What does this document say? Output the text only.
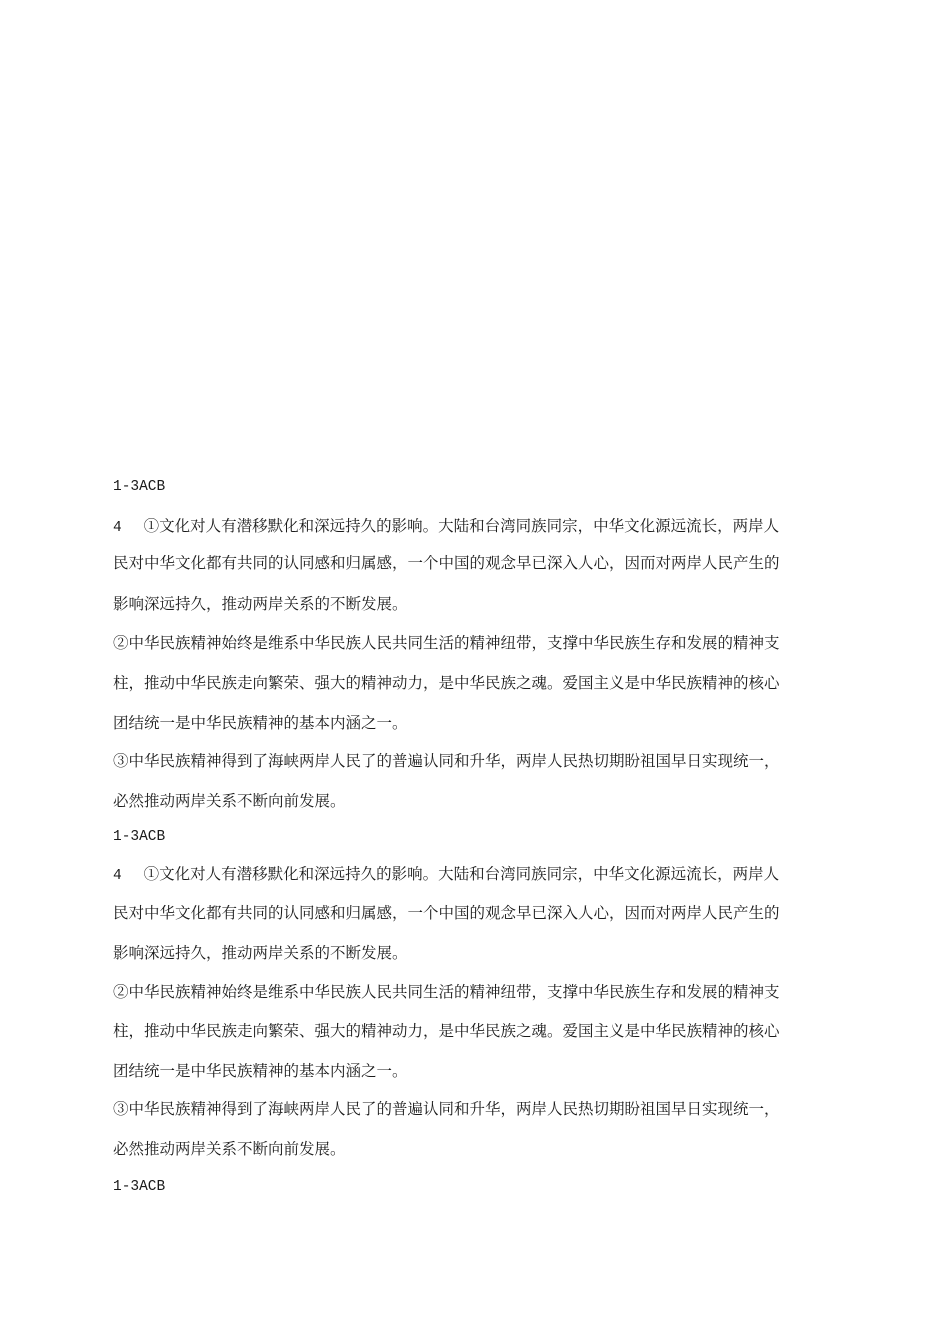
1-3ACB
4 ①文化对人有潜移默化和深远持久的影响。大陆和台湾同族同宗，中华文化源远流长，两岸人
民对中华文化都有共同的认同感和归属感，一个中国的观念早已深入人心，因而对两岸人民产生的
影响深远持久，推动两岸关系的不断发展。
②中华民族精神始终是维系中华民族人民共同生活的精神纽带，支撑中华民族生存和发展的精神支
柱，推动中华民族走向繁荣、强大的精神动力，是中华民族之魂。爱国主义是中华民族精神的核心
团结统一是中华民族精神的基本内涵之一。
③中华民族精神得到了海峡两岸人民了的普遍认同和升华，两岸人民热切期盼祖国早日实现统一，
必然推动两岸关系不断向前发展。
1-3ACB
4 ①文化对人有潜移默化和深远持久的影响。大陆和台湾同族同宗，中华文化源远流长，两岸人
民对中华文化都有共同的认同感和归属感，一个中国的观念早已深入人心，因而对两岸人民产生的
影响深远持久，推动两岸关系的不断发展。
②中华民族精神始终是维系中华民族人民共同生活的精神纽带，支撑中华民族生存和发展的精神支
柱，推动中华民族走向繁荣、强大的精神动力，是中华民族之魂。爱国主义是中华民族精神的核心
团结统一是中华民族精神的基本内涵之一。
③中华民族精神得到了海峡两岸人民了的普遍认同和升华，两岸人民热切期盼祖国早日实现统一，
必然推动两岸关系不断向前发展。
1-3ACB
